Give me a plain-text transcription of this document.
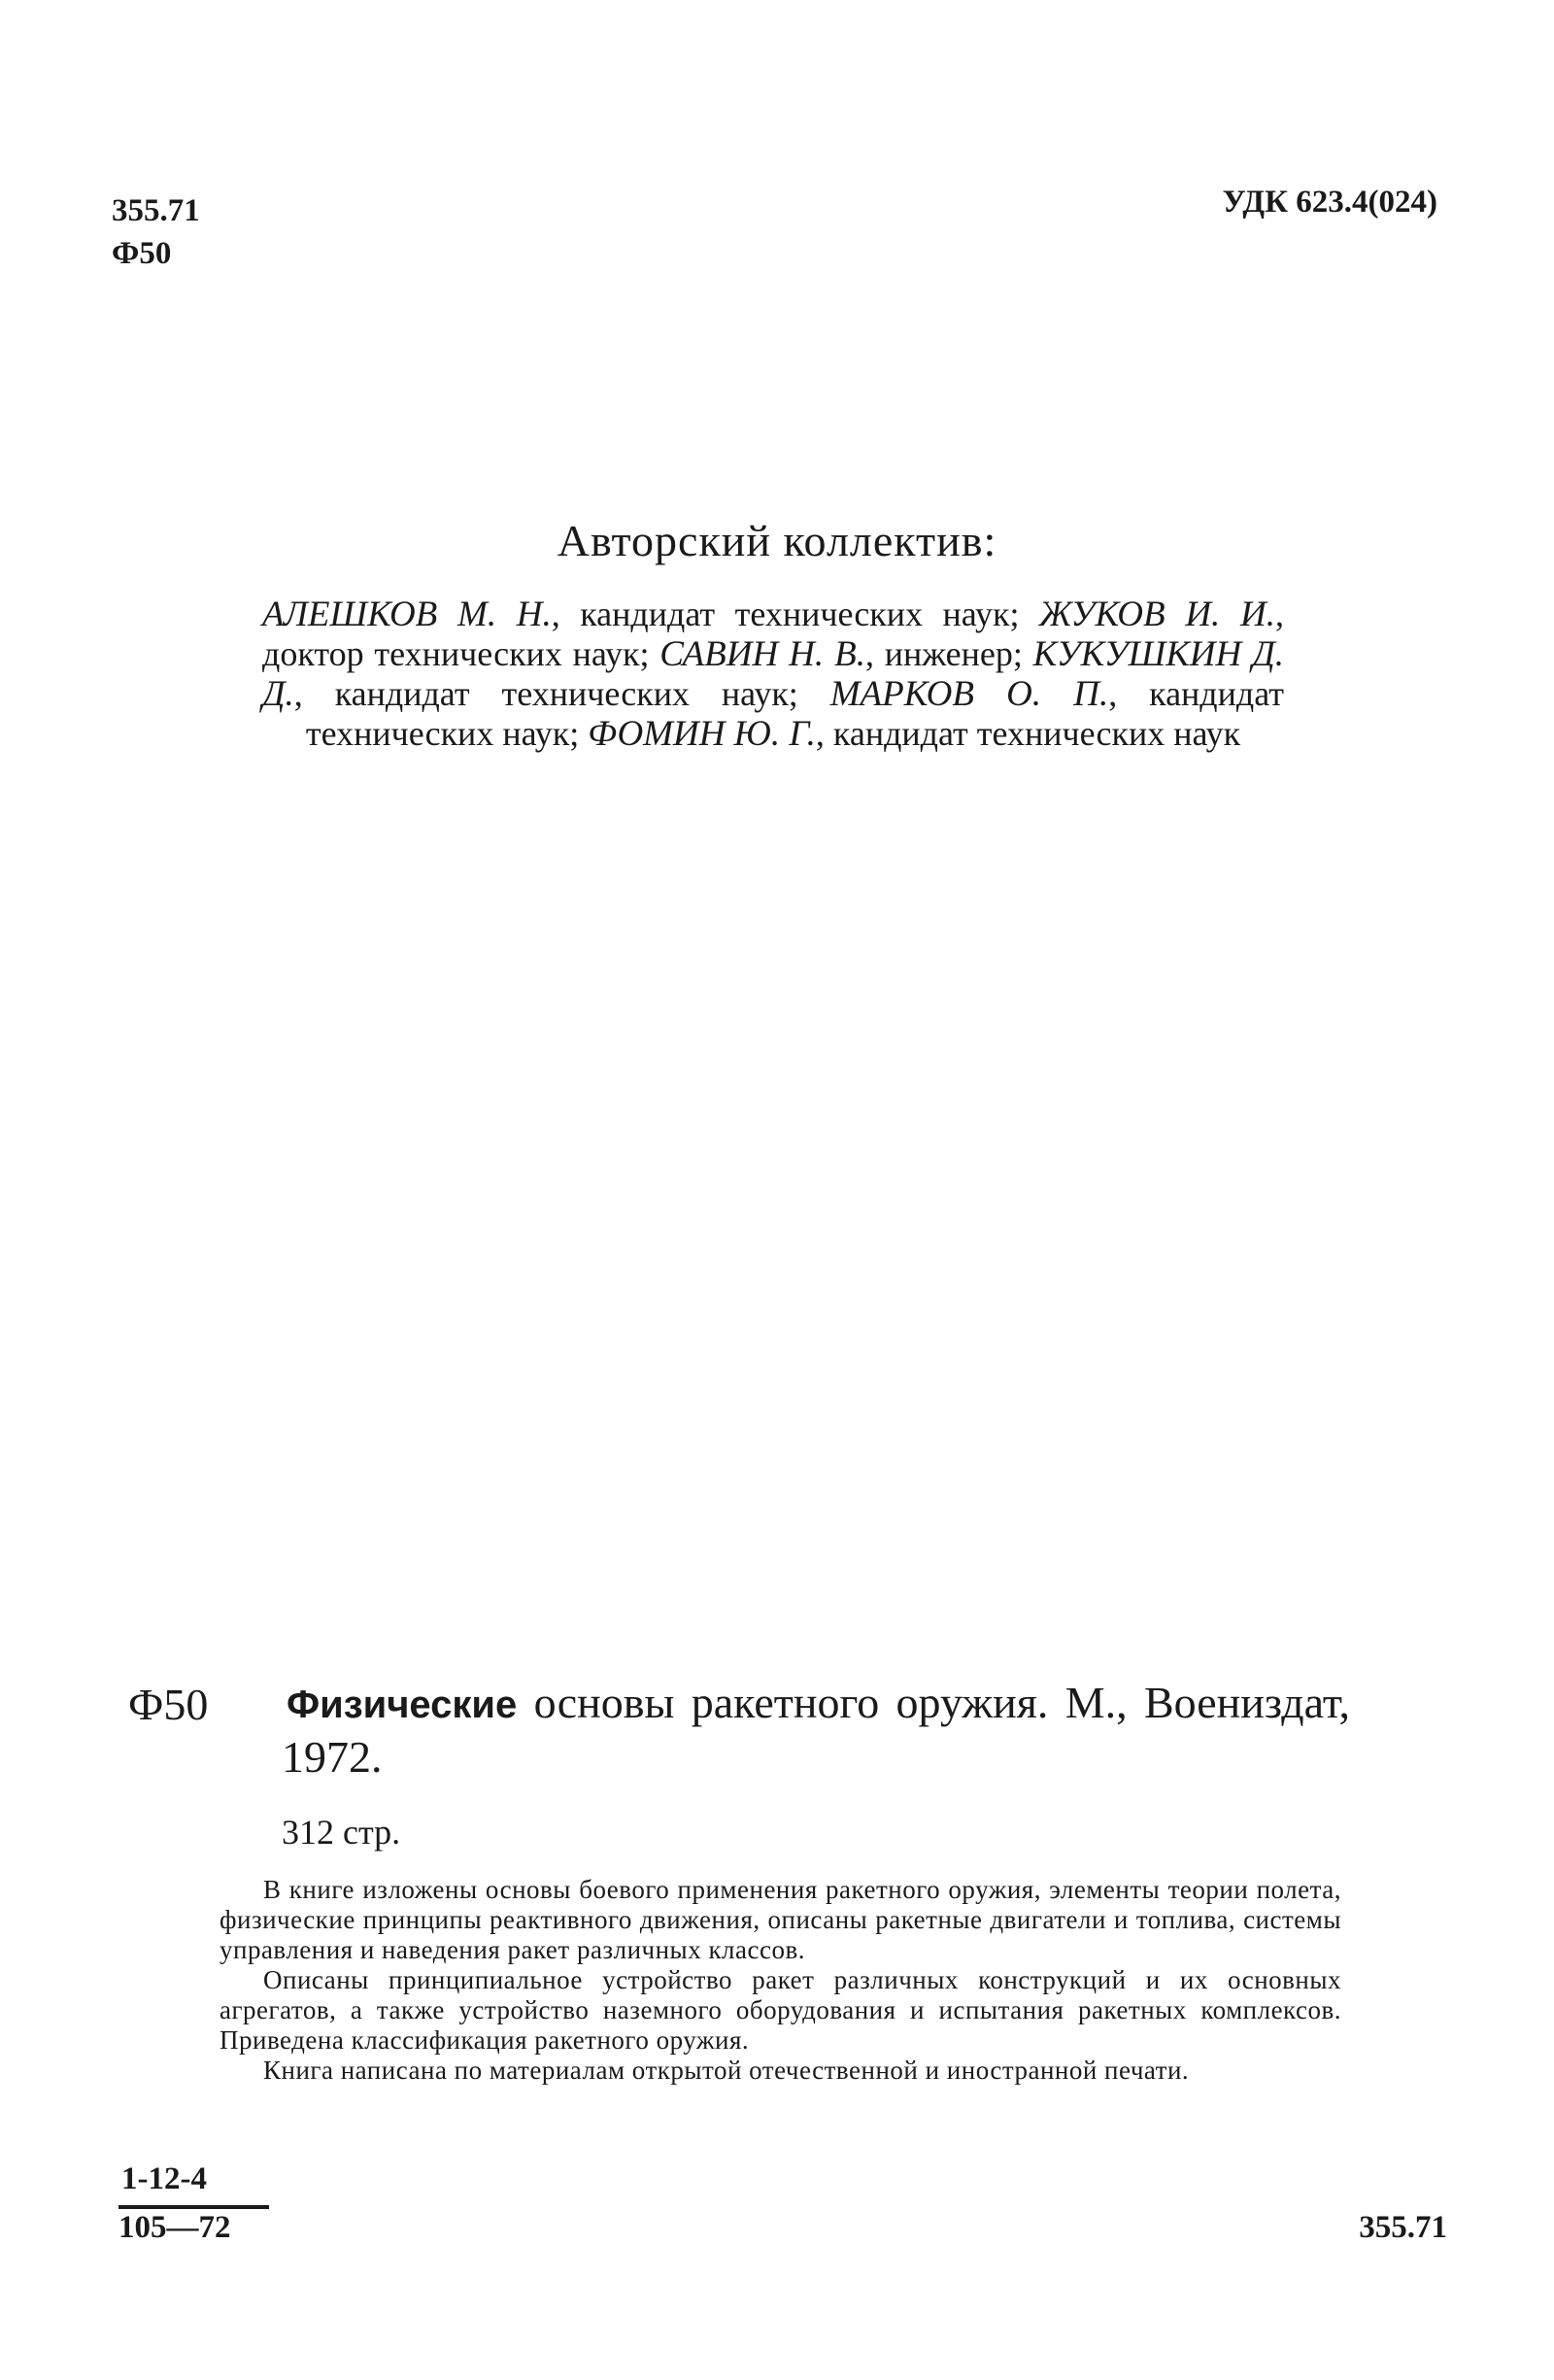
355.71
Ф50
УДК 623.4(024)
Авторский коллектив:
АЛЕШКОВ М. Н., кандидат технических наук; ЖУКОВ И. И., доктор технических наук; САВИН Н. В., инженер; КУКУШКИН Д. Д., кандидат технических наук; МАРКОВ О. П., кандидат технических наук; ФОМИН Ю. Г., кандидат технических наук
Ф50 Физические основы ракетного оружия. М., Воениздат, 1972.
312 стр.

В книге изложены основы боевого применения ракетного оружия, элементы теории полета, физические принципы реактивного движения, описаны ракетные двигатели и топлива, системы управления и наведения ракет различных классов.

Описаны принципиальное устройство ракет различных конструкций и их основных агрегатов, а также устройство наземного оборудования и испытания ракетных комплексов. Приведена классификация ракетного оружия.

Книга написана по материалам открытой отечественной и иностранной печати.

1-12-4
105—72	355.71
